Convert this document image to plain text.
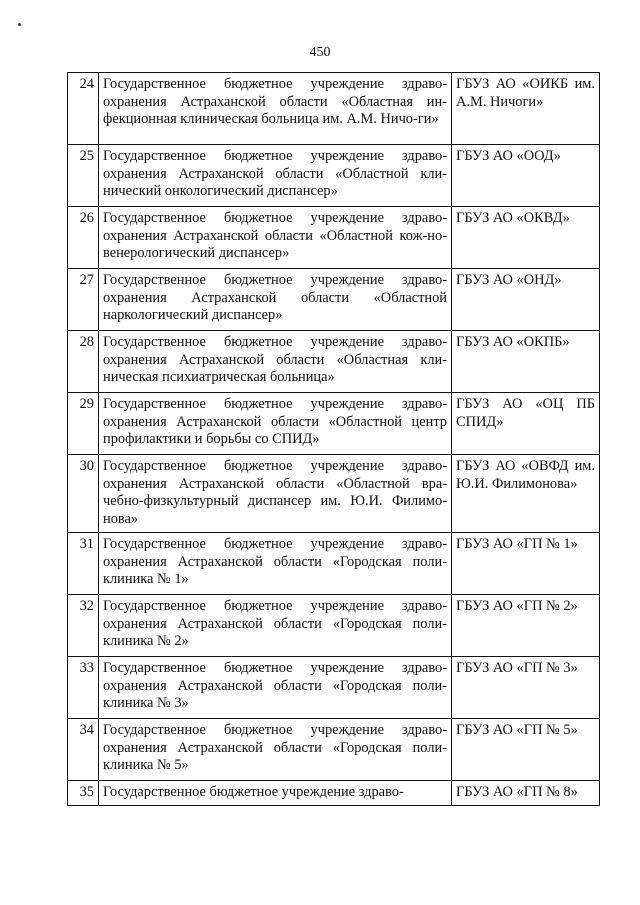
450
24	Государственное бюджетное учреждение здраво-охранения Астраханской области «Областная ин-фекционная клиническая больница им. А.М. Ничо-ги»	ГБУЗ АО «ОИКБ им. А.М. Ничоги»
25	Государственное бюджетное учреждение здраво-охранения Астраханской области «Областной кли-нический онкологический диспансер»	ГБУЗ АО «ООД»
26	Государственное бюджетное учреждение здраво-охранения Астраханской области «Областной кож-но-венерологический диспансер»	ГБУЗ АО «ОКВД»
27	Государственное бюджетное учреждение здраво-охранения Астраханской области «Областной наркологический диспансер»	ГБУЗ АО «ОНД»
28	Государственное бюджетное учреждение здраво-охранения Астраханской области «Областная кли-ническая психиатрическая больница»	ГБУЗ АО «ОКПБ»
29	Государственное бюджетное учреждение здраво-охранения Астраханской области «Областной центр профилактики и борьбы со СПИД»	ГБУЗ АО «ОЦ ПБ СПИД»
30	Государственное бюджетное учреждение здраво-охранения Астраханской области «Областной вра-чебно-физкультурный диспансер им. Ю.И. Филимо-нова»	ГБУЗ АО «ОВФД им. Ю.И. Филимонова»
31	Государственное бюджетное учреждение здраво-охранения Астраханской области «Городская поли-клиника № 1»	ГБУЗ АО «ГП № 1»
32	Государственное бюджетное учреждение здраво-охранения Астраханской области «Городская поли-клиника № 2»	ГБУЗ АО «ГП № 2»
33	Государственное бюджетное учреждение здраво-охранения Астраханской области «Городская поли-клиника № 3»	ГБУЗ АО «ГП № 3»
34	Государственное бюджетное учреждение здраво-охранения Астраханской области «Городская поли-клиника № 5»	ГБУЗ АО «ГП № 5»
35	Государственное бюджетное учреждение здраво-	ГБУЗ АО «ГП № 8»
